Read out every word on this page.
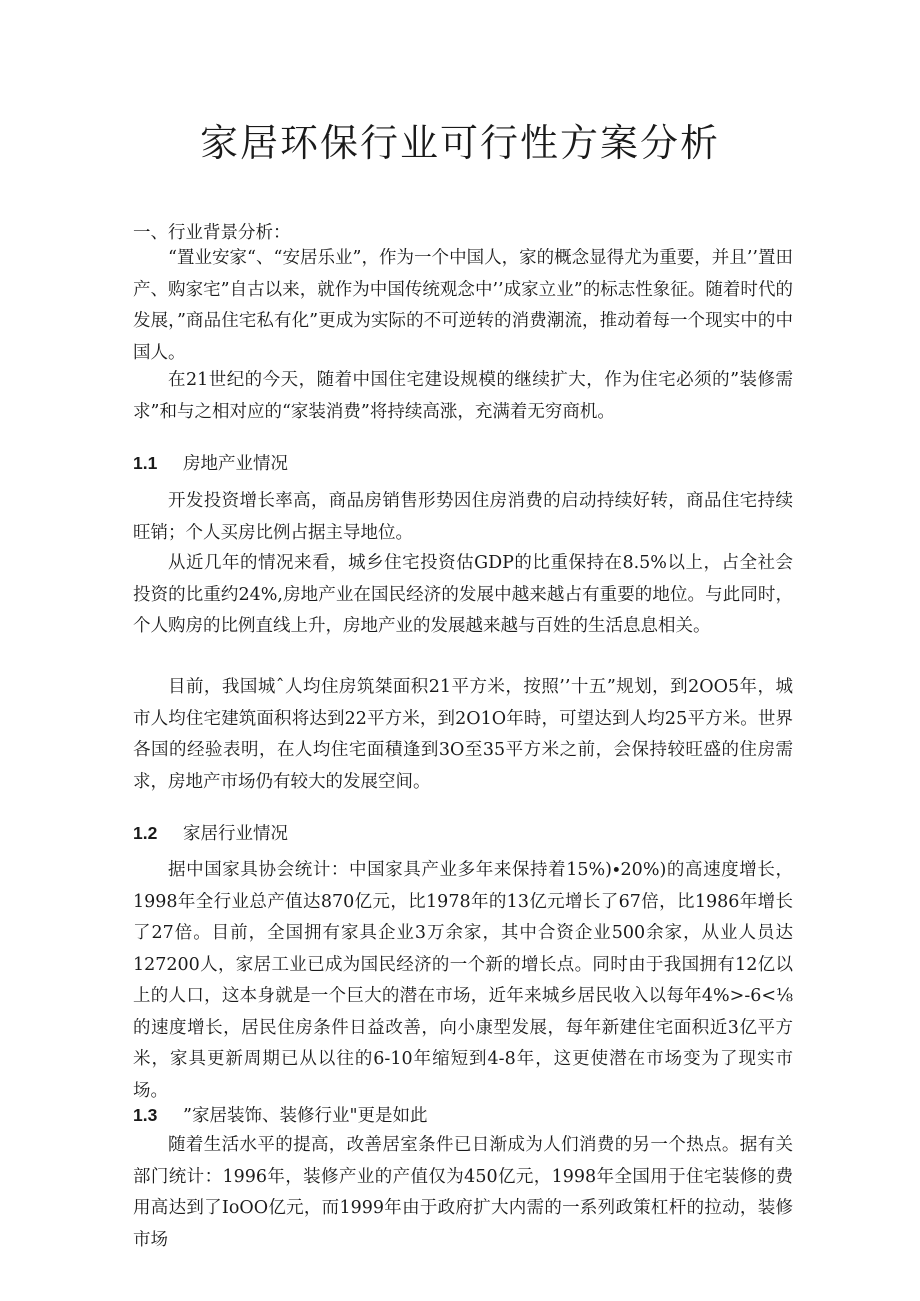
家居环保行业可行性方案分析

一、行业背景分析：

“置业安家“、“安居乐业”，作为一个中国人，家的概念显得尤为重要，并且’’置田产、购家宅”自古以来，就作为中国传统观念中’’成家立业”的标志性象征。随着时代的发展，”商品住宅私有化”更成为实际的不可逆转的消费潮流，推动着每一个现实中的中国人。

在21世纪的今天，随着中国住宅建设规模的继续扩大，作为住宅必须的”装修需求”和与之相对应的“家装消费”将持续高涨，充满着无穷商机。

1.1 房地产业情况

开发投资增长率高，商品房销售形势因住房消费的启动持续好转，商品住宅持续旺销；个人买房比例占据主导地位。

从近几年的情况来看，城乡住宅投资估GDP的比重保持在8.5%以上，占全社会投资的比重约24%,房地产业在国民经济的发展中越来越占有重要的地位。与此同时，个人购房的比例直线上升，房地产业的发展越来越与百姓的生活息息相关。

目前，我国城ˆ人均住房筑桀面积21平方米，按照’’十五”规划，到2OO5年，城市人均住宅建筑面积将达到22平方米，到2O1O年時，可望达到人均25平方米。世界各国的经验表明，在人均住宅面積逢到3O至35平方米之前，会保持较旺盛的住房需求，房地产市场仍有较大的发展空间。

1.2 家居行业情况

据中国家具协会统计：中国家具产业多年来保持着15%)∙20%)的高速度增长，1998年全行业总产值达870亿元，比1978年的13亿元增长了67倍，比1986年增长了27倍。目前，全国拥有家具企业3万余家，其中合资企业500余家，从业人员达127200人，家居工业已成为国民经济的一个新的增长点。同时由于我国拥有12亿以上的人口，这本身就是一个巨大的潜在市场，近年来城乡居民收入以每年4%>-6<⅛的速度增长，居民住房条件日益改善，向小康型发展，每年新建住宅面积近3亿平方米，家具更新周期已从以往的6-10年缩短到4-8年，这更使潜在市场变为了现实市场。

1.3 ”家居装饰、装修行业"更是如此

随着生活水平的提高，改善居室条件已日渐成为人们消费的另一个热点。据有关部门统计：1996年，装修产业的产值仅为450亿元，1998年全国用于住宅装修的费用高达到了IoOO亿元，而1999年由于政府扩大内需的一系列政策杠杆的拉动，装修市场
